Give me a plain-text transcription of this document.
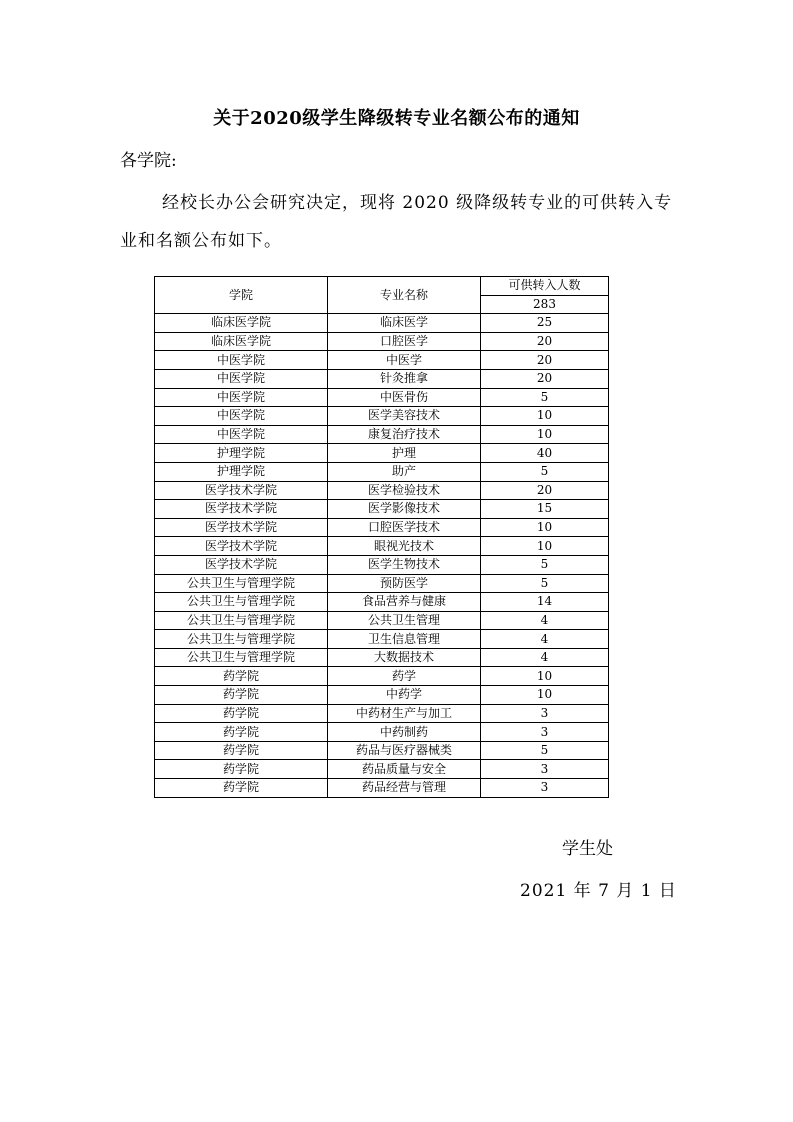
关于2020级学生降级转专业名额公布的通知
各学院:
经校长办公会研究决定，现将 2020 级降级转专业的可供转入专业和名额公布如下。
学院	专业名称	可供转入人数
		283
临床医学院	临床医学	25
临床医学院	口腔医学	20
中医学院	中医学	20
中医学院	针灸推拿	20
中医学院	中医骨伤	5
中医学院	医学美容技术	10
中医学院	康复治疗技术	10
护理学院	护理	40
护理学院	助产	5
医学技术学院	医学检验技术	20
医学技术学院	医学影像技术	15
医学技术学院	口腔医学技术	10
医学技术学院	眼视光技术	10
医学技术学院	医学生物技术	5
公共卫生与管理学院	预防医学	5
公共卫生与管理学院	食品营养与健康	14
公共卫生与管理学院	公共卫生管理	4
公共卫生与管理学院	卫生信息管理	4
公共卫生与管理学院	大数据技术	4
药学院	药学	10
药学院	中药学	10
药学院	中药材生产与加工	3
药学院	中药制药	3
药学院	药品与医疗器械类	5
药学院	药品质量与安全	3
药学院	药品经营与管理	3
学生处
2021 年 7 月 1 日
